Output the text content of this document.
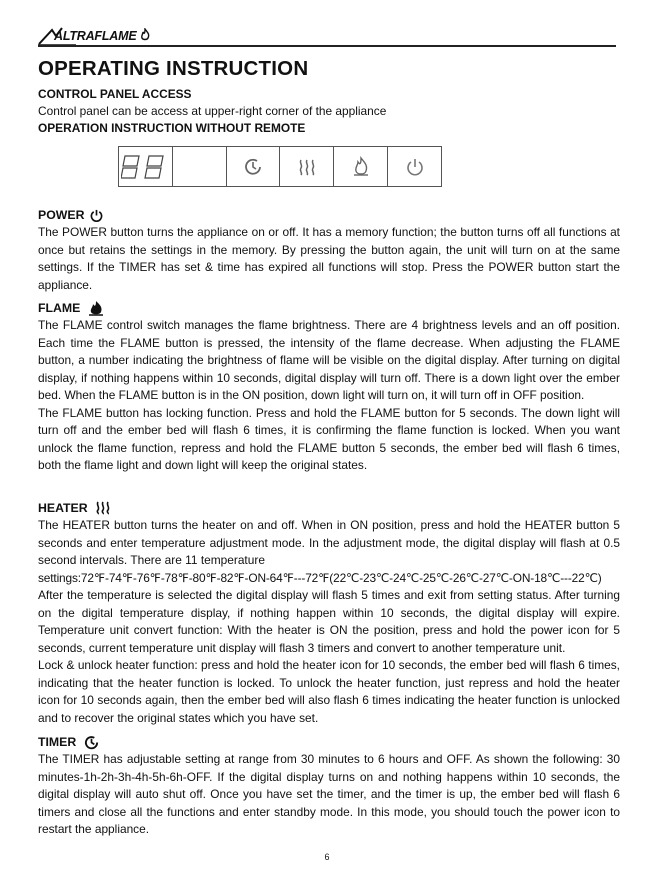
ALTRAFLAME
OPERATING INSTRUCTION
CONTROL PANEL ACCESS
Control panel can be access at upper-right corner of the appliance
OPERATION INSTRUCTION WITHOUT REMOTE
POWER

The POWER button turns the appliance on or off. It has a memory function; the button turns off all functions at once but retains the settings in the memory. By pressing the button again, the unit will turn on at the same settings. If the TIMER has set & time has expired all functions will stop. Press the POWER button start the appliance.

FLAME

The FLAME control switch manages the flame brightness. There are 4 brightness levels and an off position. Each time the FLAME button is pressed, the intensity of the flame decrease. When adjusting the FLAME button, a number indicating the brightness of flame will be visible on the digital display. After turning on digital display, if nothing happens within 10 seconds, digital display will turn off. There is a down light over the ember bed. When the FLAME button is in the ON position, down light will turn on, it will turn off in OFF position.

The FLAME button has locking function. Press and hold the FLAME button for 5 seconds. The down light will turn off and the ember bed will flash 6 times, it is confirming the flame function is locked. When you want unlock the flame function, repress and hold the FLAME button 5 seconds, the ember bed will flash 6 times, both the flame light and down light will keep the original states.

HEATER

The HEATER button turns the heater on and off. When in ON position, press and hold the HEATER button 5 seconds and enter temperature adjustment mode. In the adjustment mode, the digital display will flash at 0.5 second intervals. There are 11 temperature

settings:72℉-74℉-76℉-78℉-80℉-82℉-ON-64℉---72℉(22℃-23℃-24℃-25℃-26℃-27℃-ON-18℃---22℃)

After the temperature is selected the digital display will flash 5 times and exit from setting status. After turning on the digital temperature display, if nothing happen within 10 seconds, the digital display will expire. Temperature unit convert function: With the heater is ON the position, press and hold the power icon for 5 seconds, current temperature unit display will flash 3 timers and convert to another temperature unit.

Lock & unlock heater function: press and hold the heater icon for 10 seconds, the ember bed will flash 6 times, indicating that the heater function is locked. To unlock the heater function, just repress and hold the heater icon for 10 seconds again, then the ember bed will also flash 6 times indicating the heater function is unlocked and to recover the original states which you have set.

TIMER

The TIMER has adjustable setting at range from 30 minutes to 6 hours and OFF. As shown the following: 30 minutes-1h-2h-3h-4h-5h-6h-OFF. If the digital display turns on and nothing happens within 10 seconds, the digital display will auto shut off. Once you have set the timer, and the timer is up, the ember bed will flash 6 timers and close all the functions and enter standby mode. In this mode, you should touch the power icon to restart the appliance.

6
